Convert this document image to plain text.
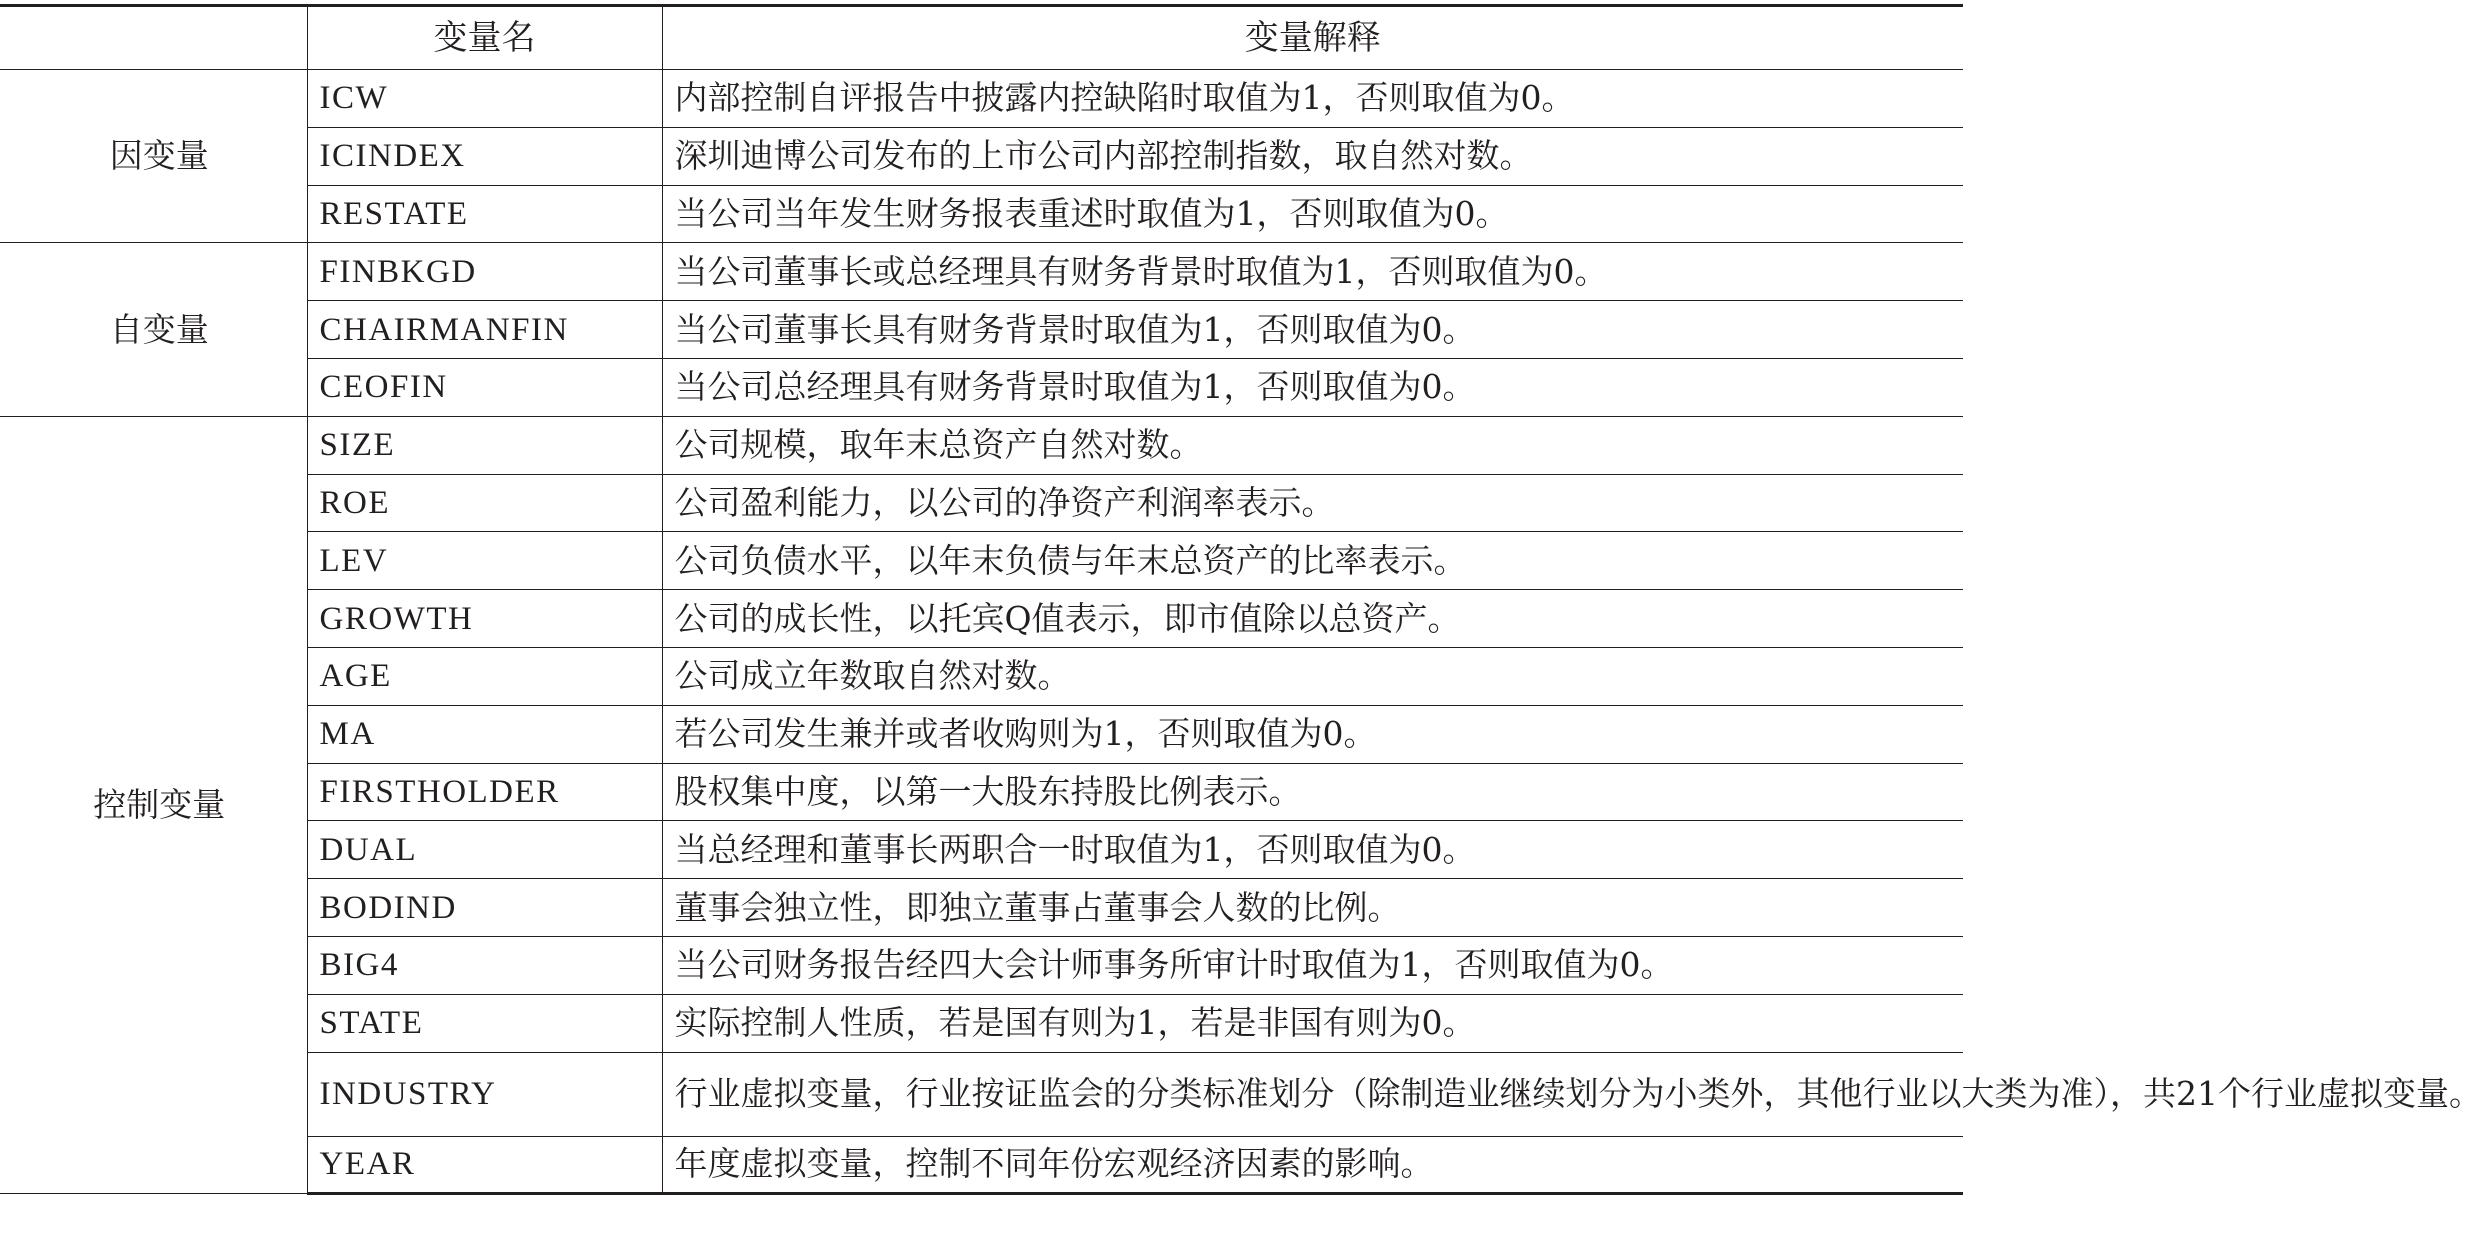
	变量名	变量解释
因变量	ICW	内部控制自评报告中披露内控缺陷时取值为1，否则取值为0。
	ICINDEX	深圳迪博公司发布的上市公司内部控制指数，取自然对数。
	RESTATE	当公司当年发生财务报表重述时取值为1，否则取值为0。
自变量	FINBKGD	当公司董事长或总经理具有财务背景时取值为1，否则取值为0。
	CHAIRMANFIN	当公司董事长具有财务背景时取值为1，否则取值为0。
	CEOFIN	当公司总经理具有财务背景时取值为1，否则取值为0。
控制变量	SIZE	公司规模，取年末总资产自然对数。
	ROE	公司盈利能力，以公司的净资产利润率表示。
	LEV	公司负债水平，以年末负债与年末总资产的比率表示。
	GROWTH	公司的成长性，以托宾Q值表示，即市值除以总资产。
	AGE	公司成立年数取自然对数。
	MA	若公司发生兼并或者收购则为1，否则取值为0。
	FIRSTHOLDER	股权集中度，以第一大股东持股比例表示。
	DUAL	当总经理和董事长两职合一时取值为1，否则取值为0。
	BODIND	董事会独立性，即独立董事占董事会人数的比例。
	BIG4	当公司财务报告经四大会计师事务所审计时取值为1，否则取值为0。
	STATE	实际控制人性质，若是国有则为1，若是非国有则为0。
	INDUSTRY	行业虚拟变量，行业按证监会的分类标准划分（除制造业继续划分为小类外，其他行业以大类为准），共21个行业虚拟变量。
	YEAR	年度虚拟变量，控制不同年份宏观经济因素的影响。
